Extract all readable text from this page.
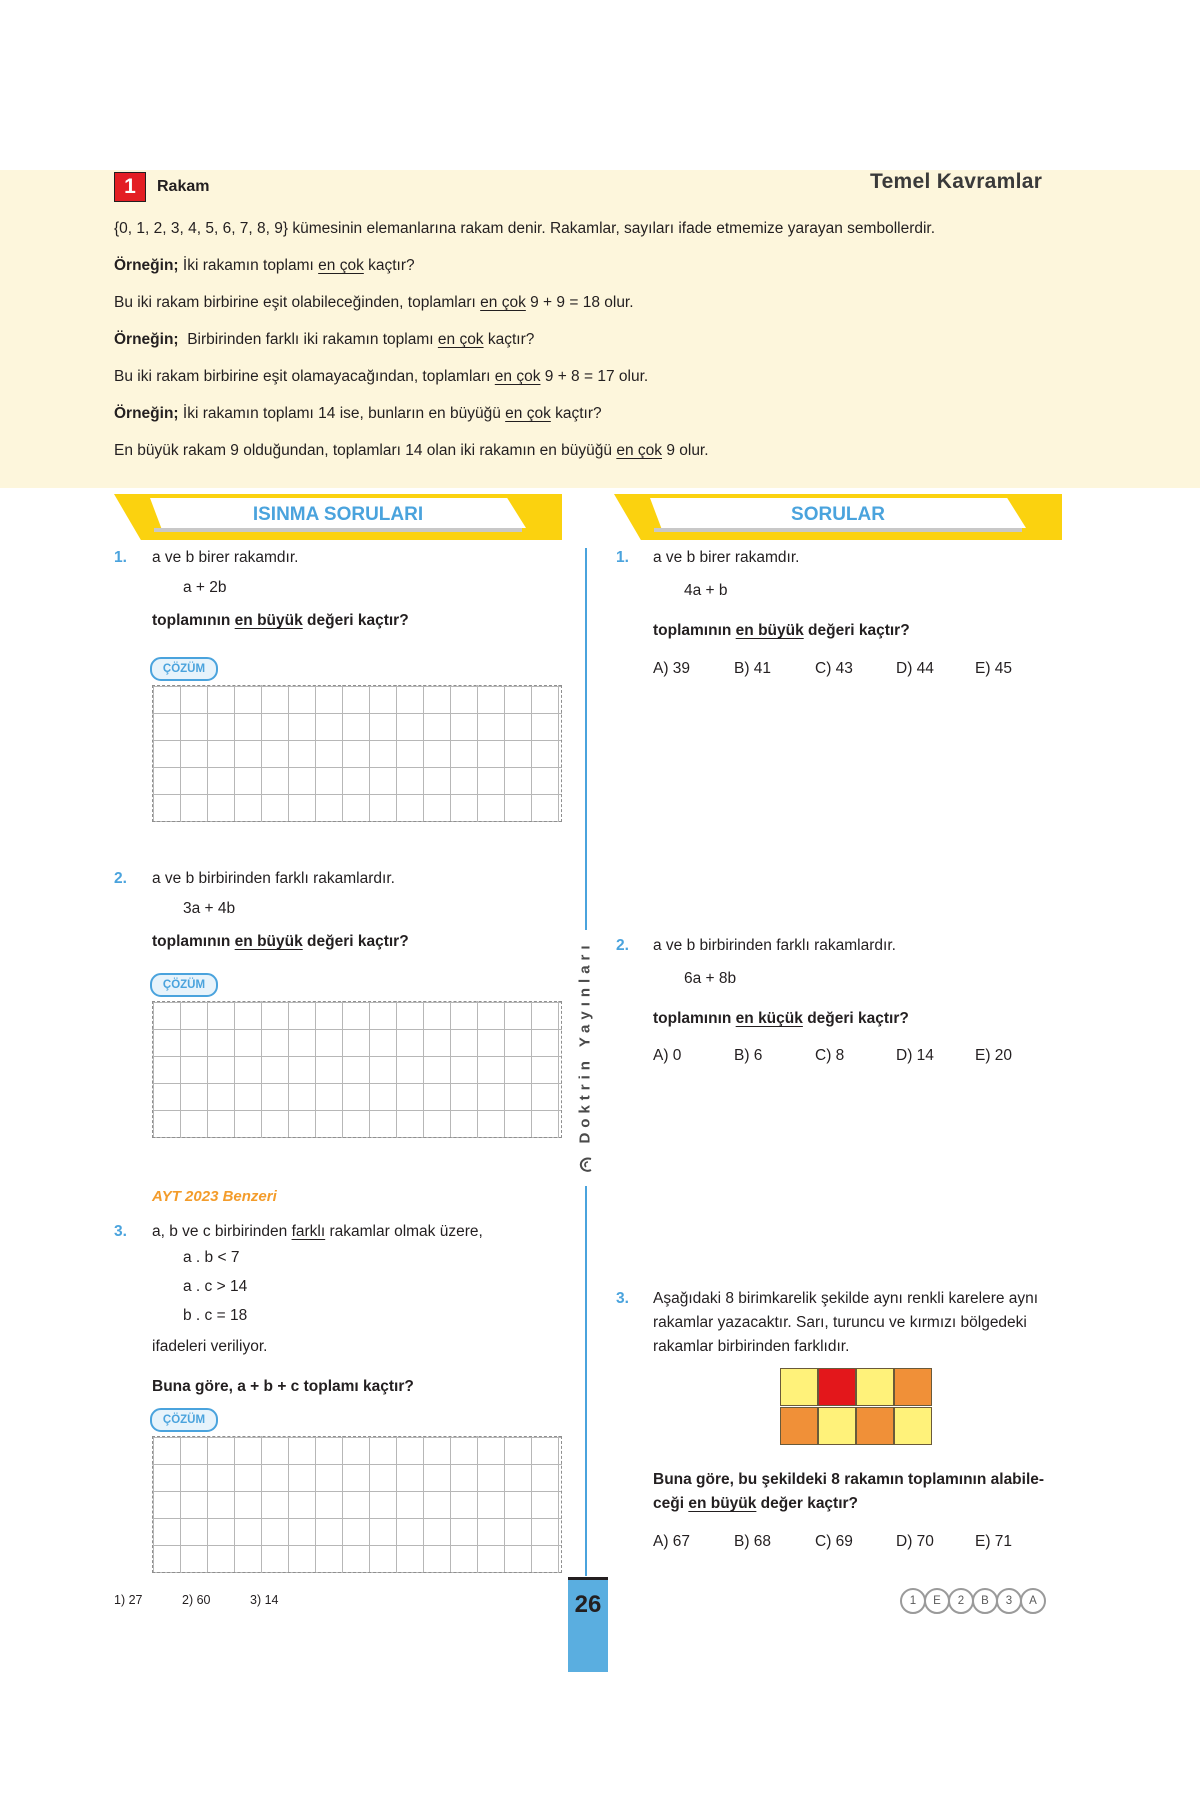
1	Rakam	Temel Kavramlar
{0, 1, 2, 3, 4, 5, 6, 7, 8, 9} kümesinin elemanlarına rakam denir. Rakamlar, sayıları ifade etmemize yarayan sembollerdir.
Örneğin; İki rakamın toplamı en çok kaçtır?
Bu iki rakam birbirine eşit olabileceğinden, toplamları en çok 9 + 9 = 18 olur.
Örneğin; Birbirinden farklı iki rakamın toplamı en çok kaçtır?
Bu iki rakam birbirine eşit olamayacağından, toplamları en çok 9 + 8 = 17 olur.
Örneğin; İki rakamın toplamı 14 ise, bunların en büyüğü en çok kaçtır?
En büyük rakam 9 olduğundan, toplamları 14 olan iki rakamın en büyüğü en çok 9 olur.
ISINMA SORULARI	SORULAR
Doktrin Yayınları
1. a ve b birer rakamdır.
a + 2b
toplamının en büyük değeri kaçtır?
ÇÖZÜM
2. a ve b birbirinden farklı rakamlardır.
3a + 4b
toplamının en büyük değeri kaçtır?
ÇÖZÜM
AYT 2023 Benzeri
3. a, b ve c birbirinden farklı rakamlar olmak üzere,
a . b < 7
a . c > 14
b . c = 18
ifadeleri veriliyor.
Buna göre, a + b + c toplamı kaçtır?
ÇÖZÜM
1. a ve b birer rakamdır.
4a + b
toplamının en büyük değeri kaçtır?
A) 39	B) 41	C) 43	D) 44	E) 45
2. a ve b birbirinden farklı rakamlardır.
6a + 8b
toplamının en küçük değeri kaçtır?
A) 0	B) 6	C) 8	D) 14	E) 20
3. Aşağıdaki 8 birimkarelik şekilde aynı renkli karelere aynı
rakamlar yazacaktır. Sarı, turuncu ve kırmızı bölgedeki
rakamlar birbirinden farklıdır.
Buna göre, bu şekildeki 8 rakamın toplamının alabile-
ceği en büyük değer kaçtır?
A) 67	B) 68	C) 69	D) 70	E) 71
1) 27	2) 60	3) 14	26	1	E	2	B	3	A
